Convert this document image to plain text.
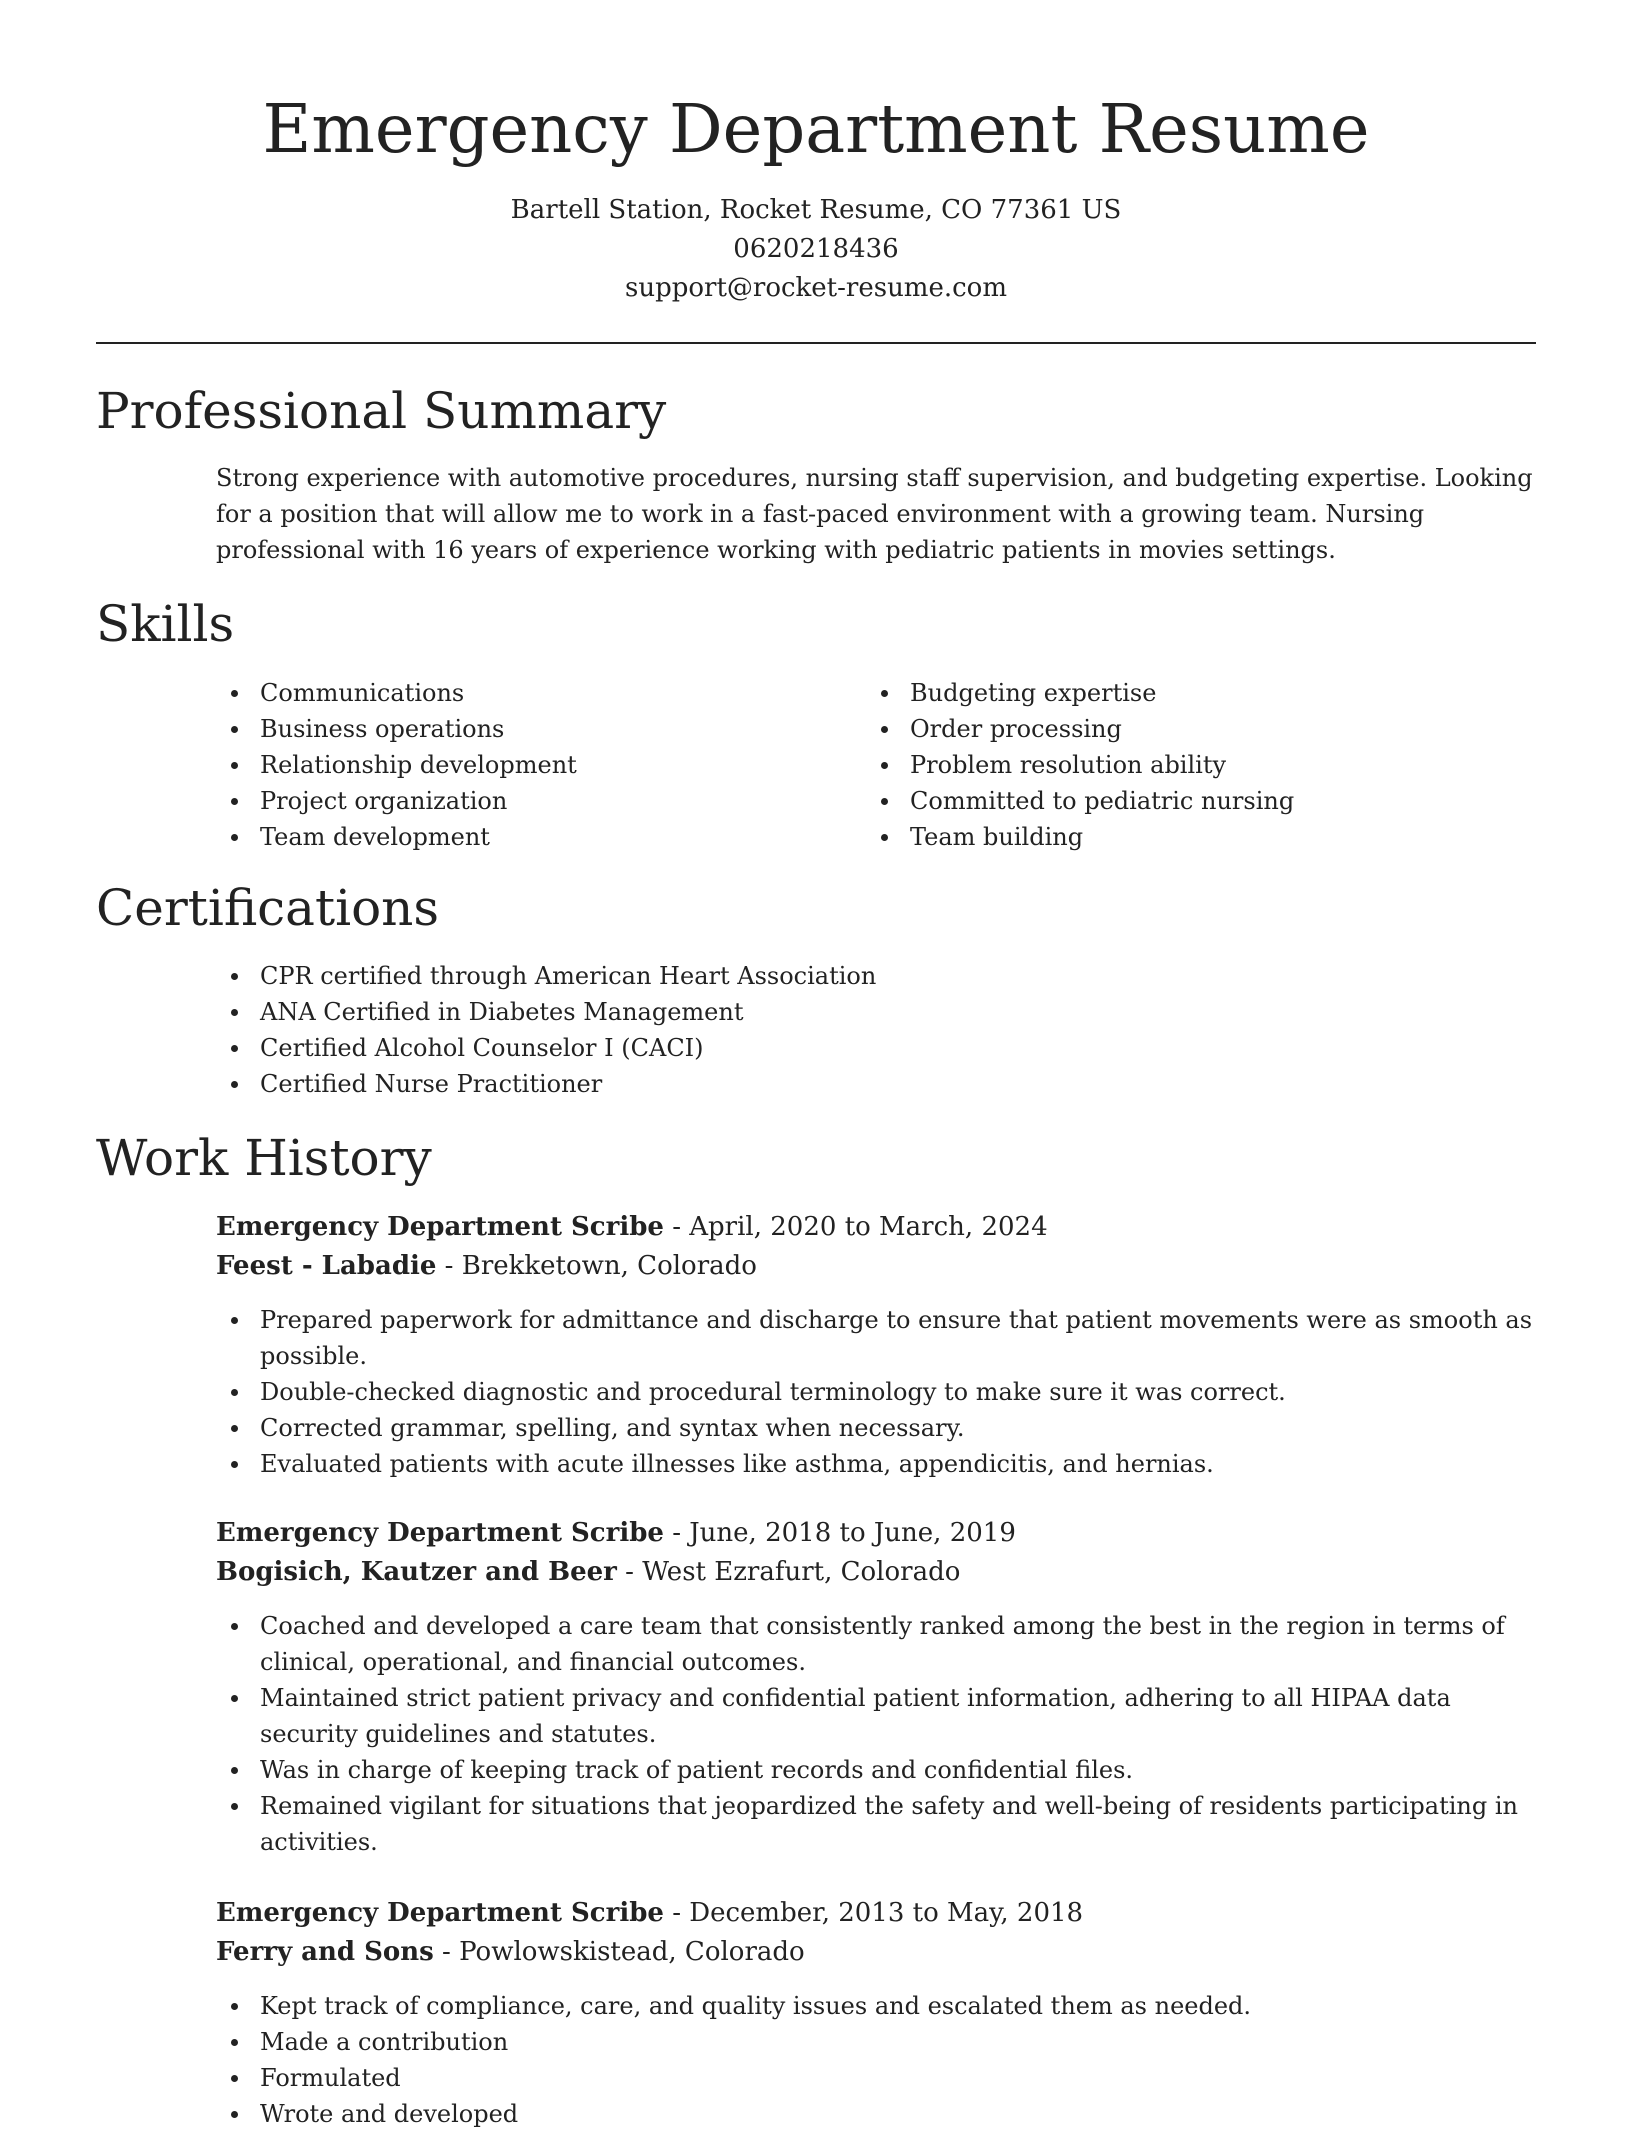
Emergency Department Resume
Bartell Station, Rocket Resume, CO 77361 US
0620218436
support@rocket-resume.com
Professional Summary
Strong experience with automotive procedures, nursing staff supervision, and budgeting expertise. Looking for a position that will allow me to work in a fast-paced environment with a growing team. Nursing professional with 16 years of experience working with pediatric patients in movies settings.
Skills
Communications
Business operations
Relationship development
Project organization
Team development
Budgeting expertise
Order processing
Problem resolution ability
Committed to pediatric nursing
Team building
Certifications
CPR certified through American Heart Association
ANA Certified in Diabetes Management
Certified Alcohol Counselor I (CACI)
Certified Nurse Practitioner
Work History
Emergency Department Scribe - April, 2020 to March, 2024
Feest - Labadie - Brekketown, Colorado
Prepared paperwork for admittance and discharge to ensure that patient movements were as smooth as possible.
Double-checked diagnostic and procedural terminology to make sure it was correct.
Corrected grammar, spelling, and syntax when necessary.
Evaluated patients with acute illnesses like asthma, appendicitis, and hernias.
Emergency Department Scribe - June, 2018 to June, 2019
Bogisich, Kautzer and Beer - West Ezrafurt, Colorado
Coached and developed a care team that consistently ranked among the best in the region in terms of clinical, operational, and financial outcomes.
Maintained strict patient privacy and confidential patient information, adhering to all HIPAA data security guidelines and statutes.
Was in charge of keeping track of patient records and confidential files.
Remained vigilant for situations that jeopardized the safety and well-being of residents participating in activities.
Emergency Department Scribe - December, 2013 to May, 2018
Ferry and Sons - Powlowskistead, Colorado
Kept track of compliance, care, and quality issues and escalated them as needed.
Made a contribution
Formulated
Wrote and developed
